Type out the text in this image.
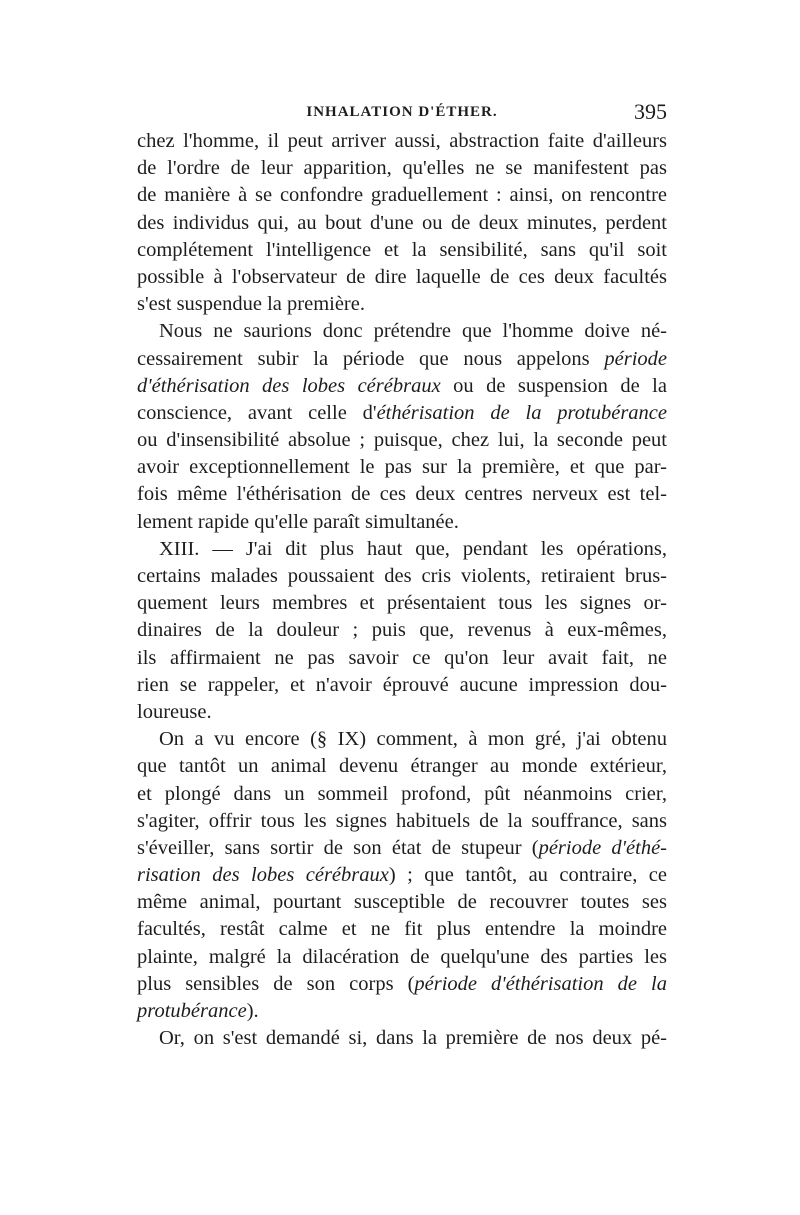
INHALATION D'ÉTHER.	395
chez l'homme, il peut arriver aussi, abstraction faite d'ailleurs
de l'ordre de leur apparition, qu'elles ne se manifestent pas
de manière à se confondre graduellement : ainsi, on rencontre
des individus qui, au bout d'une ou de deux minutes, perdent
complétement l'intelligence et la sensibilité, sans qu'il soit
possible à l'observateur de dire laquelle de ces deux facultés
s'est suspendue la première.
Nous ne saurions donc prétendre que l'homme doive né-
cessairement subir la période que nous appelons période
d'éthérisation des lobes cérébraux ou de suspension de la
conscience, avant celle d'éthérisation de la protubérance
ou d'insensibilité absolue ; puisque, chez lui, la seconde peut
avoir exceptionnellement le pas sur la première, et que par-
fois même l'éthérisation de ces deux centres nerveux est tel-
lement rapide qu'elle paraît simultanée.
XIII. — J'ai dit plus haut que, pendant les opérations,
certains malades poussaient des cris violents, retiraient brus-
quement leurs membres et présentaient tous les signes or-
dinaires de la douleur ; puis que, revenus à eux-mêmes,
ils affirmaient ne pas savoir ce qu'on leur avait fait, ne
rien se rappeler, et n'avoir éprouvé aucune impression dou-
loureuse.
On a vu encore (§ IX) comment, à mon gré, j'ai obtenu
que tantôt un animal devenu étranger au monde extérieur,
et plongé dans un sommeil profond, pût néanmoins crier,
s'agiter, offrir tous les signes habituels de la souffrance, sans
s'éveiller, sans sortir de son état de stupeur (période d'éthé-
risation des lobes cérébraux) ; que tantôt, au contraire, ce
même animal, pourtant susceptible de recouvrer toutes ses
facultés, restât calme et ne fit plus entendre la moindre
plainte, malgré la dilacération de quelqu'une des parties les
plus sensibles de son corps (période d'éthérisation de la
protubérance).
Or, on s'est demandé si, dans la première de nos deux pé-
